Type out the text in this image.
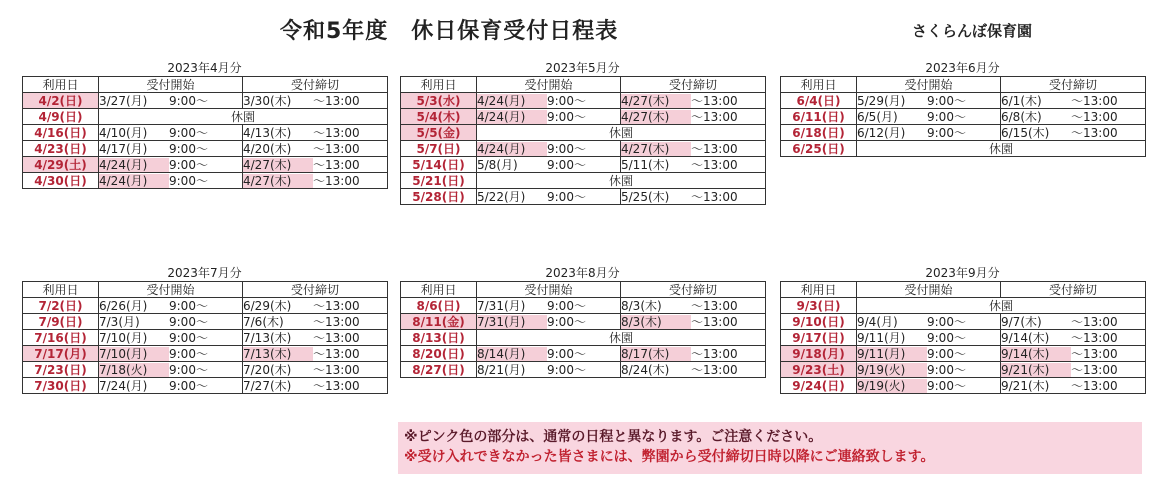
令和5年度　休日保育受付日程表	さくらんぼ保育園
2023年4月分
利用日	受付開始	受付締切
4/2(日)	3/27(月) 9:00〜	3/30(木) 〜13:00
4/9(日)	休園	
4/16(日)	4/10(月) 9:00〜	4/13(木) 〜13:00
4/23(日)	4/17(月) 9:00〜	4/20(木) 〜13:00
4/29(土)	4/24(月) 9:00〜	4/27(木) 〜13:00
4/30(日)	4/24(月) 9:00〜	4/27(木) 〜13:00
2023年5月分
利用日	受付開始	受付締切
5/3(水)	4/24(月) 9:00〜	4/27(木) 〜13:00
5/4(木)	4/24(月) 9:00〜	4/27(木) 〜13:00
5/5(金)	休園	
5/7(日)	4/24(月) 9:00〜	4/27(木) 〜13:00
5/14(日)	5/8(月) 9:00〜	5/11(木) 〜13:00
5/21(日)	休園	
5/28(日)	5/22(月) 9:00〜	5/25(木) 〜13:00
2023年6月分
利用日	受付開始	受付締切
6/4(日)	5/29(月) 9:00〜	6/1(木) 〜13:00
6/11(日)	6/5(月) 9:00〜	6/8(木) 〜13:00
6/18(日)	6/12(月) 9:00〜	6/15(木) 〜13:00
6/25(日)	休園	
2023年7月分
利用日	受付開始	受付締切
7/2(日)	6/26(月) 9:00〜	6/29(木) 〜13:00
7/9(日)	7/3(月) 9:00〜	7/6(木) 〜13:00
7/16(日)	7/10(月) 9:00〜	7/13(木) 〜13:00
7/17(月)	7/10(月) 9:00〜	7/13(木) 〜13:00
7/23(日)	7/18(火) 9:00〜	7/20(木) 〜13:00
7/30(日)	7/24(月) 9:00〜	7/27(木) 〜13:00
2023年8月分
利用日	受付開始	受付締切
8/6(日)	7/31(月) 9:00〜	8/3(木) 〜13:00
8/11(金)	7/31(月) 9:00〜	8/3(木) 〜13:00
8/13(日)	休園	
8/20(日)	8/14(月) 9:00〜	8/17(木) 〜13:00
8/27(日)	8/21(月) 9:00〜	8/24(木) 〜13:00
2023年9月分
利用日	受付開始	受付締切
9/3(日)	休園	
9/10(日)	9/4(月) 9:00〜	9/7(木) 〜13:00
9/17(日)	9/11(月) 9:00〜	9/14(木) 〜13:00
9/18(月)	9/11(月) 9:00〜	9/14(木) 〜13:00
9/23(土)	9/19(火) 9:00〜	9/21(木) 〜13:00
9/24(日)	9/19(火) 9:00〜	9/21(木) 〜13:00
※ピンク色の部分は、通常の日程と異なります。ご注意ください。
※受け入れできなかった皆さまには、弊園から受付締切日時以降にご連絡致します。
